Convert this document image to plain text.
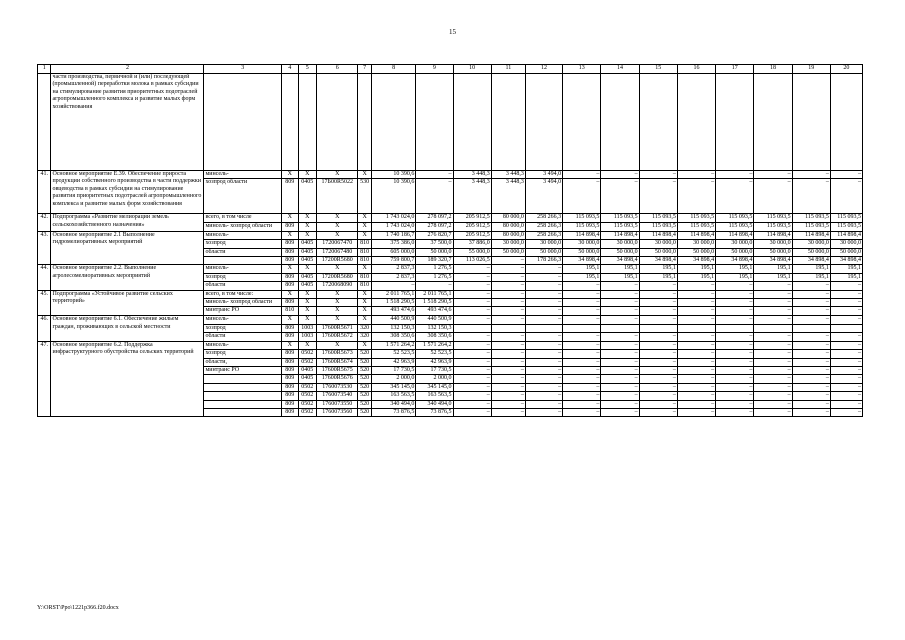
15
1	2	3	4	5	6	7	8	9	10	11	12	13	14	15	16	17	18	19	20
	части производства, первичной и (или) последующей (промышленной) переработки молока в рамках субсидии на стимулирование развития приоритетных подотраслей агропромышленного комплекса и развитие малых форм хозяйствования																		
41.	Основное мероприятие Е.39. Обеспечение прироста продукции собственного производства в части поддержки овцеводства в рамках субсидии на стимулирование развития приоритетных подотраслей агропромышленного комплекса и развитие малых форм хозяйствования	минсель-	X	X	X	X	10 390,6	–	3 448,3	3 448,3	3 494,0	–	–	–	–	–	–	–	–
		хозпрод области	809	0405	17Б00R5022	530	10 390,6	–	3 448,3	3 448,3	3 494,0	–	–	–	–	–	–	–	–
42.	Подпрограмма «Развитие мелиорации земель сельскохозяйственного назначения»	всего, в том числе	X	X	X	X	1 743 024,0	278 097,2	205 912,5	80 000,0	258 266,3	115 093,5	115 093,5	115 093,5	115 093,5	115 093,5	115 093,5	115 093,5	115 093,5
		минсель- хозпрод области	809	X	X	X	1 743 024,0	278 097,2	205 912,5	80 000,0	258 266,3	115 093,5	115 093,5	115 093,5	115 093,5	115 093,5	115 093,5	115 093,5	115 093,5
43.	Основное мероприятие 2.1 Выполнение гидромелиоративных мероприятий	минсель-	X	X	X	X	1 740 186,7	276 820,7	205 912,5	80 000,0	258 266,3	114 898,4	114 898,4	114 898,4	114 898,4	114 898,4	114 898,4	114 898,4	114 898,4
		хозпрод	809	0405	1720067470	810	375 386,0	37 500,0	37 886,0	30 000,0	30 000,0	30 000,0	30 000,0	30 000,0	30 000,0	30 000,0	30 000,0	30 000,0	30 000,0
		области	809	0405	1720067480	810	605 000,0	50 000,0	55 000,0	50 000,0	50 000,0	50 000,0	50 000,0	50 000,0	50 000,0	50 000,0	50 000,0	50 000,0	50 000,0
			809	0405	17200R5680	810	759 800,7	189 320,7	113 026,5	–	178 266,3	34 898,4	34 898,4	34 898,4	34 898,4	34 898,4	34 898,4	34 898,4	34 898,4
44.	Основное мероприятие 2.2. Выполнение агролесомелиоративных мероприятий	минсель-	X	X	X	X	2 837,3	1 276,5	–	–	–	195,1	195,1	195,1	195,1	195,1	195,1	195,1	195,1
		хозпрод	809	0405	17200R5680	810	2 837,3	1 276,5	–	–	–	195,1	195,1	195,1	195,1	195,1	195,1	195,1	195,1
		области	809	0405	1720068090	810	–	–	–	–	–	–	–	–	–	–	–	–	–
45.	Подпрограмма «Устойчивое развитие сельских территорий»	всего, в том числе:	X	X	X	X	2 011 765,1	2 011 765,1	–	–	–	–	–	–	–	–	–	–	–
		минсель- хозпрод области	809	X	X	X	1 518 290,5	1 518 290,5	–	–	–	–	–	–	–	–	–	–	–
		минтранс РО	810	X	X	X	493 474,6	493 474,6	–	–	–	–	–	–	–	–	–	–	–
46.	Основное мероприятие 6.1. Обеспечение жильем граждан, проживающих в сельской местности	минсель-	X	X	X	X	440 500,9	440 500,9	–	–	–	–	–	–	–	–	–	–	–
		хозпрод	809	1003	17600R5671	320	132 150,3	132 150,3											
		области	809	1003	17600R5672	320	308 350,6	308 350,6	–	–	–	–	–	–	–	–	–	–	–
47.	Основное мероприятие 6.2. Поддержка инфраструктурного обустройства сельских территорий	минсель-	X	X	X	X	1 571 264,2	1 571 264,2	–	–	–	–	–	–	–	–	–	–	–
		хозпрод	809	0502	17600R5673	520	52 523,5	52 523,5	–	–	–	–	–	–	–	–	–	–	–
		области,	809	0502	17600R5674	520	42 963,9	42 963,9	–	–	–	–	–	–	–	–	–	–	–
		минтранс РО	809	0405	17600R5675	520	17 730,5	17 730,5	–	–	–	–	–	–	–	–	–	–	–
			809	0405	17600R5676	520	2 000,0	2 000,0	–	–	–	–	–	–	–	–	–	–	–
			809	0502	1760073530	520	345 145,0	345 145,0	–	–	–	–	–	–	–	–	–	–	–
			809	0502	1760073540	520	163 563,5	163 563,5	–	–	–	–	–	–	–	–	–	–	–
			809	0502	1760073550	520	340 494,0	340 494,0	–	–	–	–	–	–	–	–	–	–	–
			809	0502	1760073560	520	73 876,5	73 876,5	–	–	–	–	–	–	–	–	–	–	–
Y:\ORST\Ppo\1221p366.f20.docx
